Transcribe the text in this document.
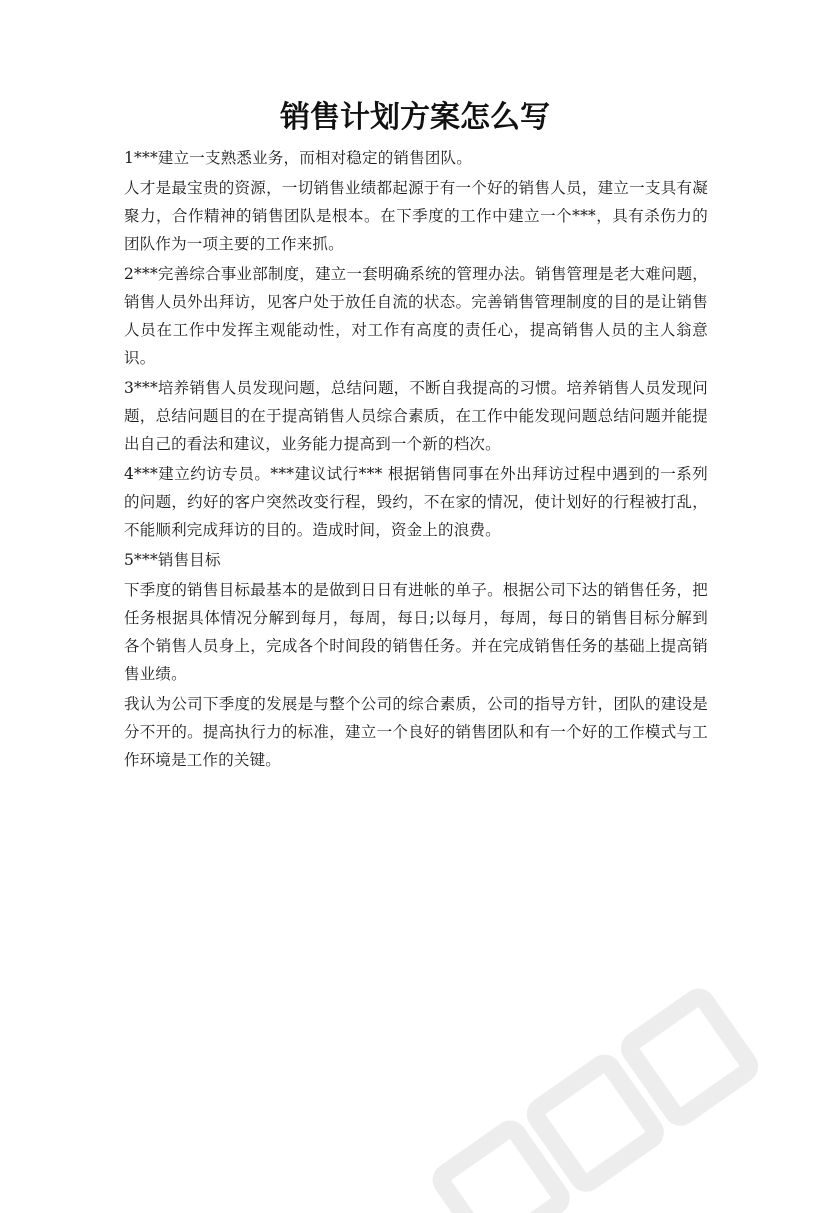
销售计划方案怎么写

1***建立一支熟悉业务，而相对稳定的销售团队。

人才是最宝贵的资源，一切销售业绩都起源于有一个好的销售人员，建立一支具有凝聚力，合作精神的销售团队是根本。在下季度的工作中建立一个***，具有杀伤力的团队作为一项主要的工作来抓。

2***完善综合事业部制度，建立一套明确系统的管理办法。销售管理是老大难问题，销售人员外出拜访，见客户处于放任自流的状态。完善销售管理制度的目的是让销售人员在工作中发挥主观能动性，对工作有高度的责任心，提高销售人员的主人翁意识。

3***培养销售人员发现问题，总结问题，不断自我提高的习惯。培养销售人员发现问题，总结问题目的在于提高销售人员综合素质，在工作中能发现问题总结问题并能提出自己的看法和建议，业务能力提高到一个新的档次。

4***建立约访专员。***建议试行*** 根据销售同事在外出拜访过程中遇到的一系列的问题，约好的客户突然改变行程，毁约，不在家的情况，使计划好的行程被打乱，不能顺利完成拜访的目的。造成时间，资金上的浪费。

5***销售目标

下季度的销售目标最基本的是做到日日有进帐的单子。根据公司下达的销售任务，把任务根据具体情况分解到每月，每周，每日;以每月，每周，每日的销售目标分解到各个销售人员身上，完成各个时间段的销售任务。并在完成销售任务的基础上提高销售业绩。

我认为公司下季度的发展是与整个公司的综合素质，公司的指导方针，团队的建设是分不开的。提高执行力的标准，建立一个良好的销售团队和有一个好的工作模式与工作环境是工作的关键。
